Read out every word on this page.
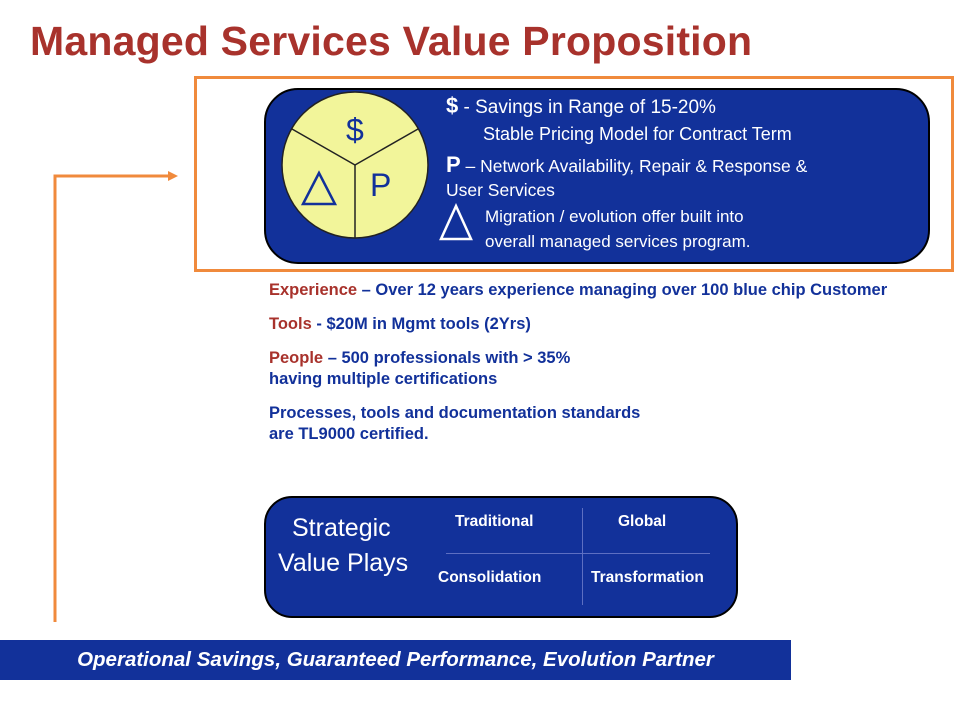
Managed Services Value Proposition
$
P
$ - Savings in Range of 15-20%
Stable Pricing Model for Contract Term
P – Network Availability, Repair & Response &
User Services
Migration / evolution offer built into
overall managed services program.

Experience – Over 12 years experience managing over 100 blue chip Customer

Tools - $20M in Mgmt tools (2Yrs)

People – 500 professionals with > 35%
having multiple certifications

Processes, tools and documentation standards
are TL9000 certified.

Strategic
Value Plays
Traditional	Global
Consolidation	Transformation
Operational Savings, Guaranteed Performance, Evolution Partner
